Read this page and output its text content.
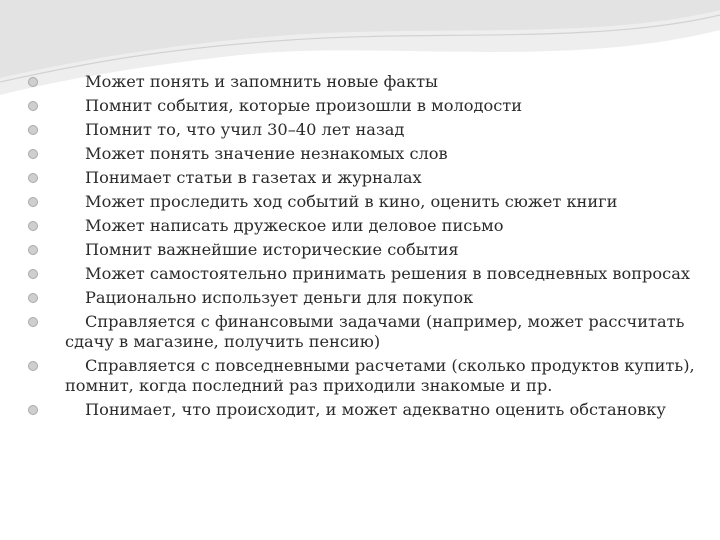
Может понять и запомнить новые факты
Помнит события, которые произошли в молодости
Помнит то, что учил 30–40 лет назад
Может понять значение незнакомых слов
Понимает статьи в газетах и журналах
Может проследить ход событий в кино, оценить сюжет книги
Может написать дружеское или деловое письмо
Помнит важнейшие исторические события
Может самостоятельно принимать решения в повседневных вопросах
Рационально использует деньги для покупок
Справляется с финансовыми задачами (например, может рассчитать сдачу в магазине, получить пенсию)
Справляется с повседневными расчетами (сколько продуктов купить), помнит, когда последний раз приходили знакомые и пр.
Понимает, что происходит, и может адекватно оценить обстановку
